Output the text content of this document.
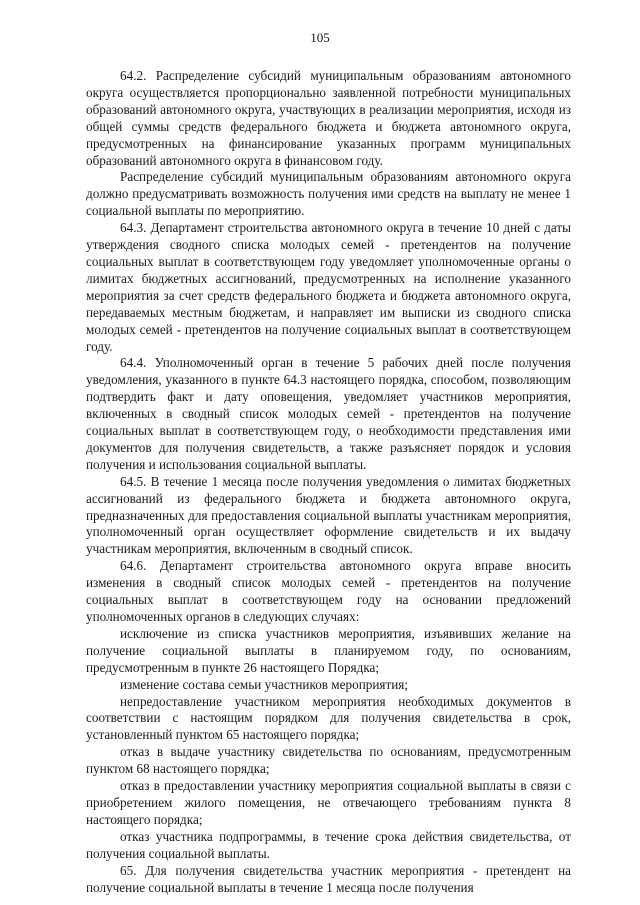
105

64.2. Распределение субсидий муниципальным образованиям автономного округа осуществляется пропорционально заявленной потребности муниципальных образований автономного округа, участвующих в реализации мероприятия, исходя из общей суммы средств федерального бюджета и бюджета автономного округа, предусмотренных на финансирование указанных программ муниципальных образований автономного округа в финансовом году.

Распределение субсидий муниципальным образованиям автономного округа должно предусматривать возможность получения ими средств на выплату не менее 1 социальной выплаты по мероприятию.

64.3. Департамент строительства автономного округа в течение 10 дней с даты утверждения сводного списка молодых семей - претендентов на получение социальных выплат в соответствующем году уведомляет уполномоченные органы о лимитах бюджетных ассигнований, предусмотренных на исполнение указанного мероприятия за счет средств федерального бюджета и бюджета автономного округа, передаваемых местным бюджетам, и направляет им выписки из сводного списка молодых семей - претендентов на получение социальных выплат в соответствующем году.

64.4. Уполномоченный орган в течение 5 рабочих дней после получения уведомления, указанного в пункте 64.3 настоящего порядка, способом, позволяющим подтвердить факт и дату оповещения, уведомляет участников мероприятия, включенных в сводный список молодых семей - претендентов на получение социальных выплат в соответствующем году, о необходимости представления ими документов для получения свидетельств, а также разъясняет порядок и условия получения и использования социальной выплаты.

64.5. В течение 1 месяца после получения уведомления о лимитах бюджетных ассигнований из федерального бюджета и бюджета автономного округа, предназначенных для предоставления социальной выплаты участникам мероприятия, уполномоченный орган осуществляет оформление свидетельств и их выдачу участникам мероприятия, включенным в сводный список.

64.6. Департамент строительства автономного округа вправе вносить изменения в сводный список молодых семей - претендентов на получение социальных выплат в соответствующем году на основании предложений уполномоченных органов в следующих случаях:

исключение из списка участников мероприятия, изъявивших желание на получение социальной выплаты в планируемом году, по основаниям, предусмотренным в пункте 26 настоящего Порядка;

изменение состава семьи участников мероприятия;

непредоставление участником мероприятия необходимых документов в соответствии с настоящим порядком для получения свидетельства в срок, установленный пунктом 65 настоящего порядка;

отказ в выдаче участнику свидетельства по основаниям, предусмотренным пунктом 68 настоящего порядка;

отказ в предоставлении участнику мероприятия социальной выплаты в связи с приобретением жилого помещения, не отвечающего требованиям пункта 8 настоящего порядка;

отказ участника подпрограммы, в течение срока действия свидетельства, от получения социальной выплаты.

65. Для получения свидетельства участник мероприятия - претендент на получение социальной выплаты в течение 1 месяца после получения
